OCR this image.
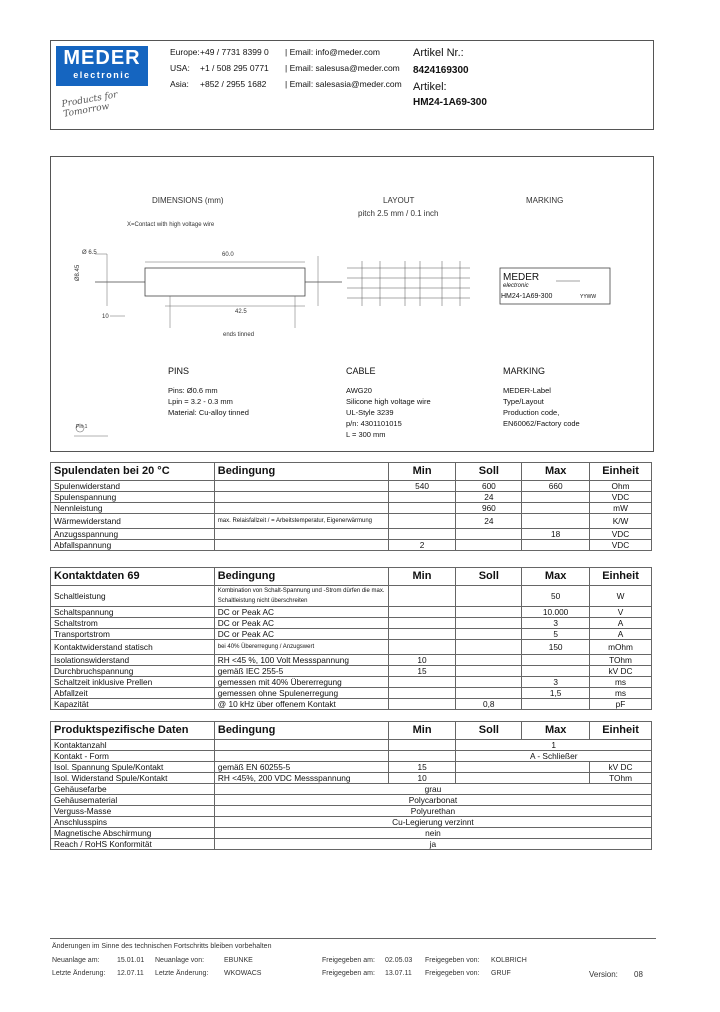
MEDER
electronic
Products for Tomorrow
Europe: +49 / 7731 8399 0 | Email: info@meder.com
USA: +1 / 508 295 0771 | Email: salesusa@meder.com
Asia: +852 / 2955 1682 | Email: salesasia@meder.com
Artikel Nr.:
8424169300
Artikel:
HM24-1A69-300
DIMENSIONS (mm)	LAYOUT
pitch 2.5 mm / 0.1 inch
MARKING
X=Contact with high voltage wire
Ø 6.5	60.0
42.5
10
Ø8.45
ends tinned
MEDER
electronic
HM24-1A69-300	YYWW
PINS
Pins: Ø0.6 mm
Lpin = 3.2 - 0.3 mm
Material: Cu-alloy tinned
CABLE
AWG20
Silicone high voltage wire
UL-Style 3239
p/n: 4301101015
L = 300 mm
MARKING
MEDER-Label
Type/Layout
Production code,
EN60062/Factory code
Pin 1
Spulendaten bei 20 °C	Bedingung	Min	Soll	Max	Einheit
Spulenwiderstand		540	600	660	Ohm
Spulenspannung			24		VDC
Nennleistung			960		mW
Wärmewiderstand	max. Relaisfallzeit / = Arbeitstemperatur, Eigenerwärmung		24		K/W
Anzugsspannung				18	VDC
Abfallspannung		2			VDC
Kontaktdaten 69	Bedingung	Min	Soll	Max	Einheit
Schaltleistung	Kombination von Schalt-Spannung und -Strom dürfen die max. Schaltleistung nicht überschreiten			50	W
Schaltspannung	DC or Peak AC			10.000	V
Schaltstrom	DC or Peak AC			3	A
Transportstrom	DC or Peak AC			5	A
Kontaktwiderstand statisch	bei 40% Übererregung / Anzugswert			150	mOhm
Isolationswiderstand	RH <45 %, 100 Volt Messspannung	10			TOhm
Durchbruchspannung	gemäß IEC 255-5	15			kV DC
Schaltzeit inklusive Prellen	gemessen mit 40% Übererregung			3	ms
Abfallzeit	gemessen ohne Spulenerregung			1,5	ms
Kapazität	@ 10 kHz über offenem Kontakt		0,8		pF
Produktspezifische Daten	Bedingung	Min	Soll	Max	Einheit
Kontaktanzahl			1		
Kontakt - Form			A - Schließer		
Isol. Spannung Spule/Kontakt	gemäß EN 60255-5	15			kV DC
Isol. Widerstand Spule/Kontakt	RH <45%, 200 VDC Messspannung	10			TOhm
Gehäusefarbe	grau				
Gehäusematerial	Polycarbonat				
Verguss-Masse	Polyurethan				
Anschlusspins	Cu-Legierung verzinnt				
Magnetische Abschirmung	nein				
Reach / RoHS Konformität	ja				
Änderungen im Sinne des technischen Fortschritts bleiben vorbehalten
Neuanlage am:	15.01.01 Neuanlage von:	EBUNKE	Freigegeben am: 02.05.03 Freigegeben von: KOLBRICH
Letzte Änderung: 12.07.11 Letzte Änderung: WKOWACS	Freigegeben am: 13.07.11 Freigegeben von: GRUF	Version: 08
